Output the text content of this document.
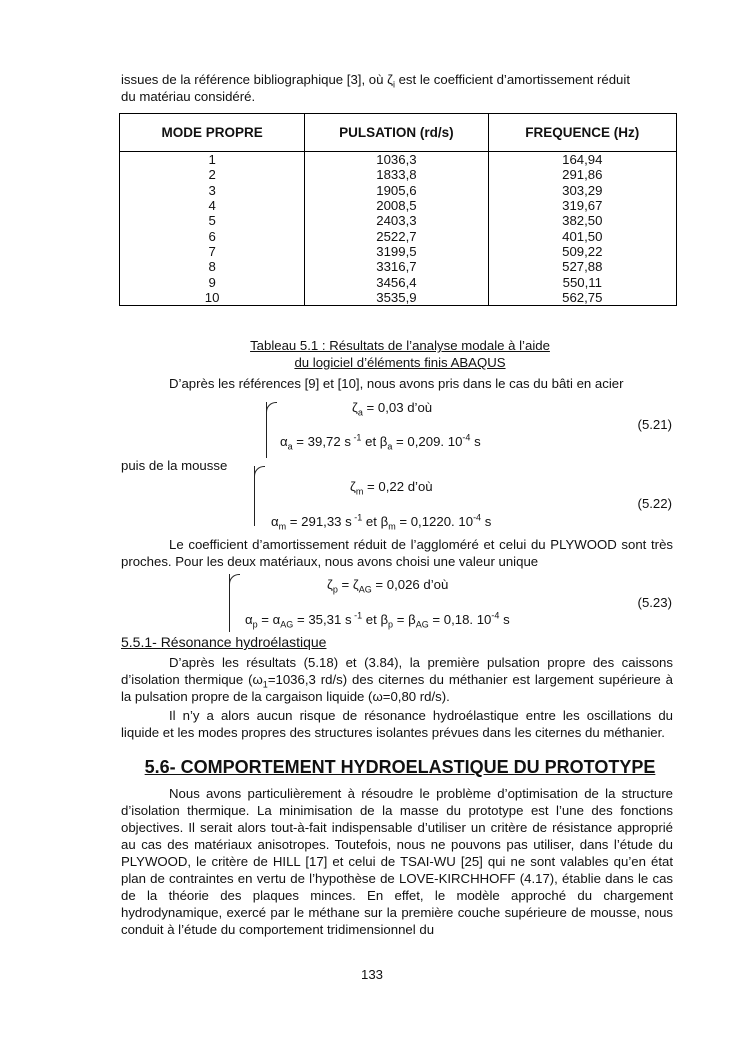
issues de la référence bibliographique [3], où $\zeta_i$ est le coefficient d’amortissement réduit
du matériau considéré.
MODE PROPRE	PULSATION (rd/s)	FREQUENCE (Hz)
1	1036,3	164,94
2	1833,8	291,86
3	1905,6	303,29
4	2008,5	319,67
5	2403,3	382,50
6	2522,7	401,50
7	3199,5	509,22
8	3316,7	527,88
9	3456,4	550,11
10	3535,9	562,75
Tableau 5.1 : Résultats de l’analyse modale à l’aide
du logiciel d’éléments finis ABAQUS
D’après les références [9] et [10], nous avons pris dans le cas du bâti en acier
$\zeta_a = 0,03$ d’où
$\alpha_a = 39,72$ s $^{-1}$ et $\beta_a = 0,209$. $10^{-4}$ s
(5.21)
puis de la mousse
$\zeta_m = 0,22$ d’où
$\alpha_m = 291,33$ s $^{-1}$ et $\beta_m = 0,1220$. $10^{-4}$ s
(5.22)
Le coefficient d’amortissement réduit de l’aggloméré et celui du PLYWOOD sont très proches. Pour les deux matériaux, nous avons choisi une valeur unique
$\zeta_p = \zeta_{AG} = 0,026$ d’où
$\alpha_p = \alpha_{AG} = 35,31$ s $^{-1}$ et $\beta_p = \beta_{AG} = 0,18$. $10^{-4}$ s
(5.23)
5.5.1- Résonance hydroélastique
D’après les résultats (5.18) et (3.84), la première pulsation propre des caissons d’isolation thermique ($\omega_1=1036,3$ rd/s) des citernes du méthanier est largement supérieure à la pulsation propre de la cargaison liquide (ω=0,80 rd/s).
Il n’y a alors aucun risque de résonance hydroélastique entre les oscillations du liquide et les modes propres des structures isolantes prévues dans les citernes du méthanier.
5.6- COMPORTEMENT HYDROELASTIQUE DU PROTOTYPE
Nous avons particulièrement à résoudre le problème d’optimisation de la structure d’isolation thermique. La minimisation de la masse du prototype est l’une des fonctions objectives. Il serait alors tout-à-fait indispensable d’utiliser un critère de résistance approprié au cas des matériaux anisotropes. Toutefois, nous ne pouvons pas utiliser, dans l’étude du PLYWOOD, le critère de HILL [17] et celui de TSAI-WU [25] qui ne sont valables qu’en état plan de contraintes en vertu de l’hypothèse de LOVE-KIRCHHOFF (4.17), établie dans le cas de la théorie des plaques minces. En effet, le modèle approché du chargement hydrodynamique, exercé par le méthane sur la première couche supérieure de mousse, nous conduit à l’étude du comportement tridimensionnel du
133
